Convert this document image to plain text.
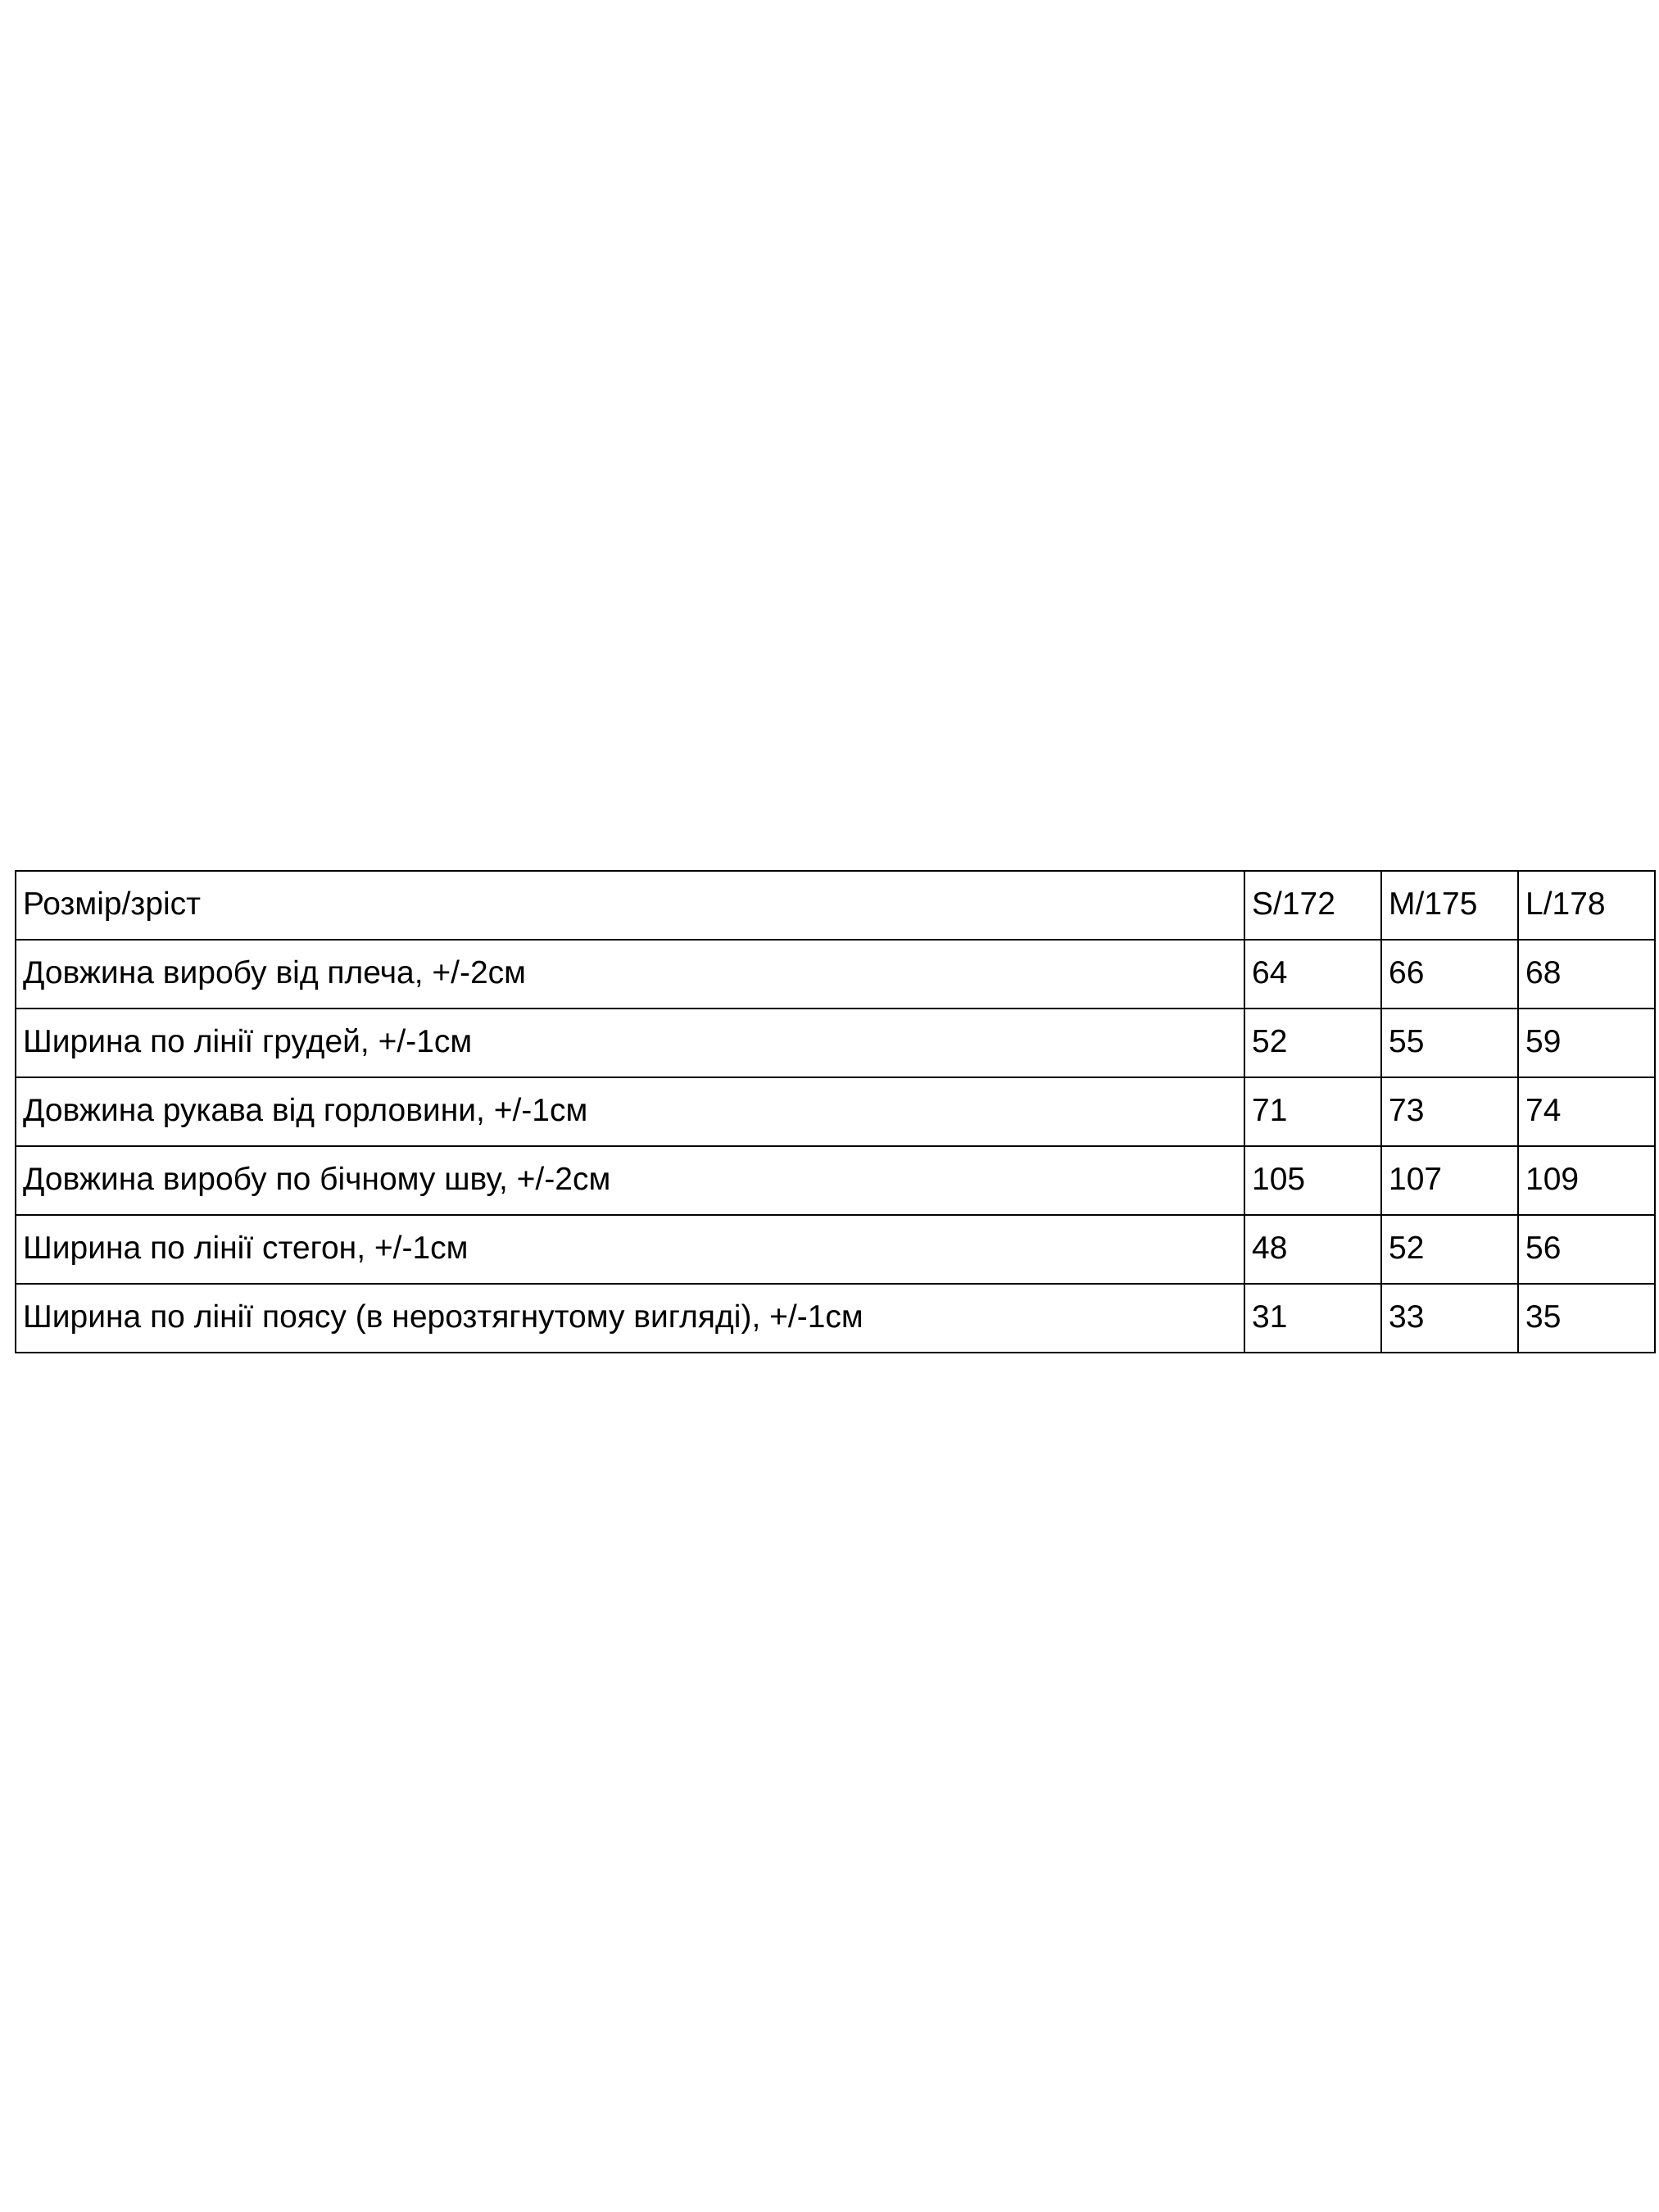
Розмір/зріст	S/172	M/175	L/178
Довжина виробу від плеча, +/-2см	64	66	68
Ширина по лінії грудей, +/-1см	52	55	59
Довжина рукава від горловини, +/-1см	71	73	74
Довжина виробу по бічному шву, +/-2см	105	107	109
Ширина по лінії стегон, +/-1см	48	52	56
Ширина по лінії поясу (в нерозтягнутому вигляді), +/-1см	31	33	35
